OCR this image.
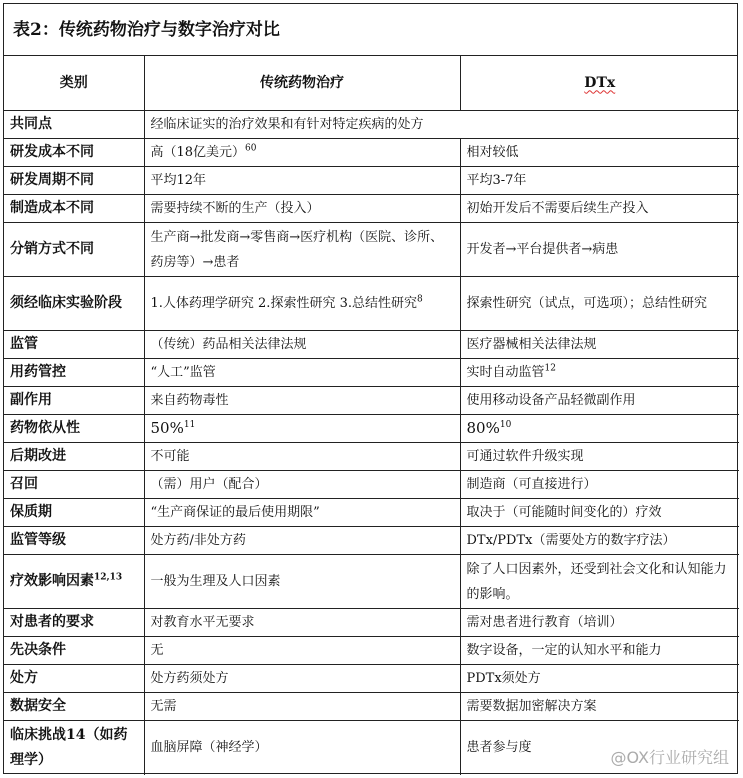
表2：传统药物治疗与数字治疗对比
类别	传统药物治疗	DTx
共同点	经临床证实的治疗效果和有针对特定疾病的处方	
研发成本不同	高（18亿美元）$^{60}$	相对较低
研发周期不同	平均12年	平均3-7年
制造成本不同	需要持续不断的生产（投入）	初始开发后不需要后续生产投入
分销方式不同	生产商→批发商→零售商→医疗机构（医院、诊所、药房等）→患者	开发者→平台提供者→病患
须经临床实验阶段	1.人体药理学研究 2.探索性研究 3.总结性研究$^8$	探索性研究（试点，可选项）；总结性研究
监管	（传统）药品相关法律法规	医疗器械相关法律法规
用药管控	“人工”监管	实时自动监管$^{12}$
副作用	来自药物毒性	使用移动设备产品轻微副作用
药物依从性	50%$^{11}$	80%$^{10}$
后期改进	不可能	可通过软件升级实现
召回	（需）用户（配合）	制造商（可直接进行）
保质期	“生产商保证的最后使用期限”	取决于（可能随时间变化的）疗效
监管等级	处方药/非处方药	DTx/PDTx（需要处方的数字疗法）
疗效影响因素$^{12,13}$	一般为生理及人口因素	除了人口因素外，还受到社会文化和认知能力的影响。
对患者的要求	对教育水平无要求	需对患者进行教育（培训）
先决条件	无	数字设备，一定的认知水平和能力
处方	处方药须处方	PDTx须处方
数据安全	无需	需要数据加密解决方案
临床挑战14（如药理学）	血脑屏障（神经学）	患者参与度
@OX行业研究组
